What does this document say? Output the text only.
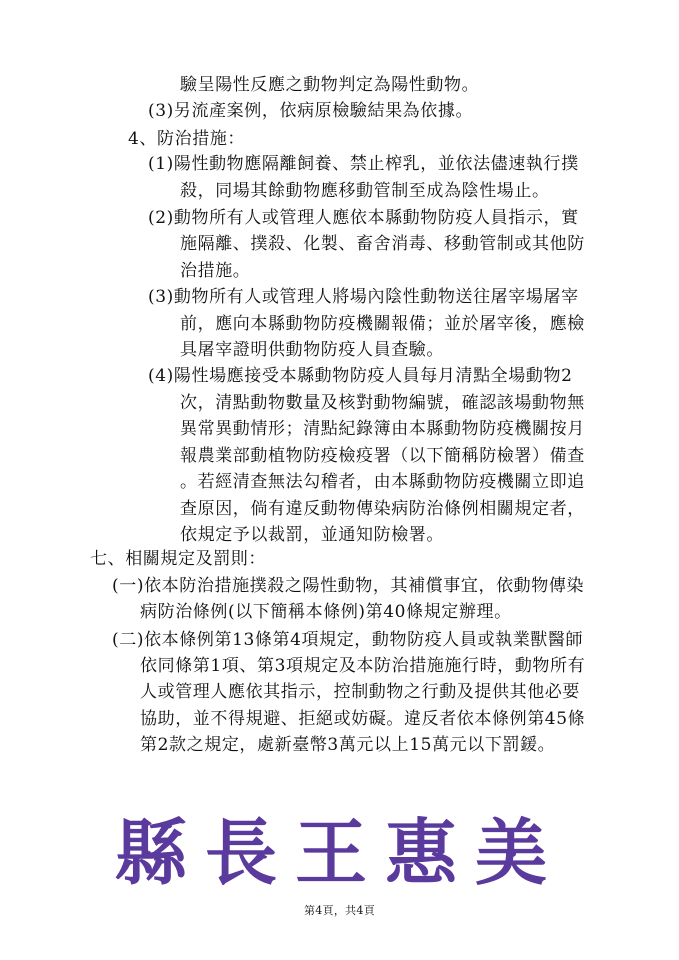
驗呈陽性反應之動物判定為陽性動物。
(3)另流產案例，依病原檢驗結果為依據。
4、防治措施：
(1)陽性動物應隔離飼養、禁止榨乳，並依法儘速執行撲
殺，同場其餘動物應移動管制至成為陰性場止。
(2)動物所有人或管理人應依本縣動物防疫人員指示，實
施隔離、撲殺、化製、畜舍消毒、移動管制或其他防
治措施。
(3)動物所有人或管理人將場內陰性動物送往屠宰場屠宰
前，應向本縣動物防疫機關報備；並於屠宰後，應檢
具屠宰證明供動物防疫人員查驗。
(4)陽性場應接受本縣動物防疫人員每月清點全場動物2
次，清點動物數量及核對動物編號，確認該場動物無
異常異動情形；清點紀錄簿由本縣動物防疫機關按月
報農業部動植物防疫檢疫署（以下簡稱防檢署）備查
。若經清查無法勾稽者，由本縣動物防疫機關立即追
查原因，倘有違反動物傳染病防治條例相關規定者，
依規定予以裁罰，並通知防檢署。
七、相關規定及罰則：
(一)依本防治措施撲殺之陽性動物，其補償事宜，依動物傳染
病防治條例(以下簡稱本條例)第40條規定辦理。
(二)依本條例第13條第4項規定，動物防疫人員或執業獸醫師
依同條第1項、第3項規定及本防治措施施行時，動物所有
人或管理人應依其指示，控制動物之行動及提供其他必要
協助，並不得規避、拒絕或妨礙。違反者依本條例第45條
第2款之規定，處新臺幣3萬元以上15萬元以下罰鍰。
縣長王惠美
第4頁，共4頁
